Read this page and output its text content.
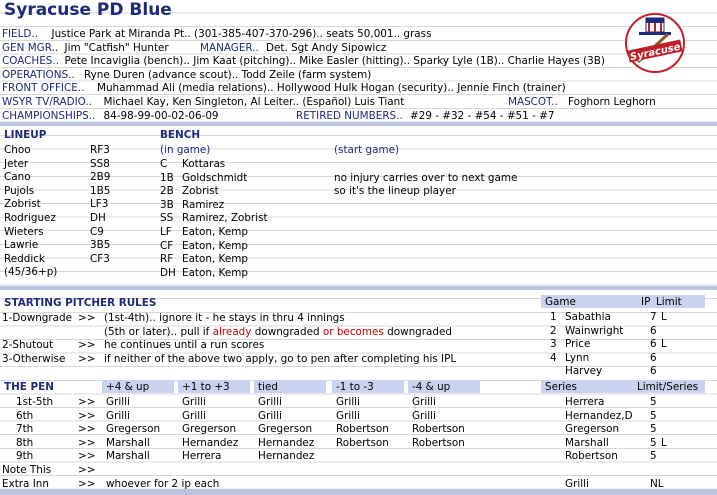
Syracuse PD Blue
Syracuse
LINEUP	BENCH
(in game)	(start game)
STARTING PITCHER RULES	Game	IP Limit
THE PEN	Series	Limit/Series
FIELD.. Justice Park at Miranda Pt.. (301-385-407-370-296).. seats 50,001.. grass
GEN MGR.. Jim "Catfish" Hunter	MANAGER.. Det. Sgt Andy Sipowicz
COACHES.. Pete Incaviglia (bench).. Jim Kaat (pitching).. Mike Easler (hitting).. Sparky Lyle (1B).. Charlie Hayes (3B)
OPERATIONS.. Ryne Duren (advance scout).. Todd Zeile (farm system)
FRONT OFFICE.. Muhammad Ali (media relations).. Hollywood Hulk Hogan (security).. Jennie Finch (trainer)
WSYR TV/RADIO.. Michael Kay, Ken Singleton, Al Leiter.. (Español) Luis Tiant	MASCOT.. Foghorn Leghorn
CHAMPIONSHIPS.. 84-98-99-00-02-06-09	RETIRED NUMBERS.. #29 - #32 - #54 - #51 - #7
Choo	RF3
Jeter	SS8
Cano	2B9
Pujols	1B5
Zobrist	LF3
Rodriguez	DH
Wieters	C9
Lawrie	3B5
Reddick	CF3
(45/36+p)
C Kottaras
1B Goldschmidt	no injury carries over to next game
2B Zobrist	so it's the lineup player
3B Ramirez
SS Ramirez, Zobrist
LF Eaton, Kemp
CF Eaton, Kemp
RF Eaton, Kemp
DH Eaton, Kemp
1-Downgrade >> (1st-4th).. ignore it - he stays in thru 4 innings
(5th or later).. pull if already downgraded or becomes downgraded
2-Shutout >> he continues until a run scores
3-Otherwise >> if neither of the above two apply, go to pen after completing his IPL
1 Sabathia	7 L
2 Wainwright	6
3 Price	6 L
4 Lynn	6
Harvey	6
+4 & up	+1 to +3	tied	-1 to -3	-4 & up
1st-5th >> Grilli	Grilli	Grilli	Grilli	Grilli
6th	>> Grilli	Grilli	Grilli	Grilli	Grilli
7th	>> Gregerson Gregerson Gregerson Robertson Robertson
8th	>> Marshall	Hernandez Hernandez Robertson Robertson
9th	>> Marshall	Herrera	Hernandez
Note This	>>
Extra Inn	>> whoever for 2 ip each
Herrera	5
Hernandez,D 5
Gregerson	5
Marshall	5 L
Robertson	5
Grilli	NL
